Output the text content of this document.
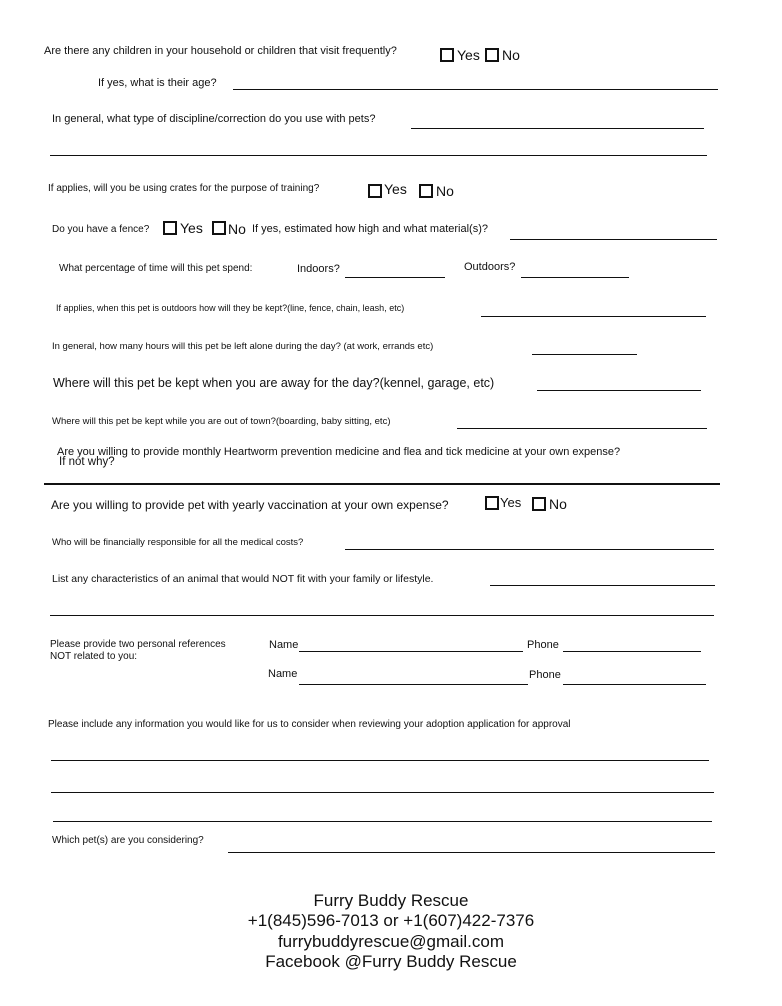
Are there any children in your household or children that visit frequently?	Yes No
If yes, what is their age?
In general, what type of discipline/correction do you use with pets?
If applies, will you be using crates for the purpose of training?	Yes No
Do you have a fence? Yes No If yes, estimated how high and what material(s)?
What percentage of time will this pet spend:	Indoors?	Outdoors?
If applies, when this pet is outdoors how will they be kept?(line, fence, chain, leash, etc)
In general, how many hours will this pet be left alone during the day? (at work, errands etc)
Where will this pet be kept when you are away for the day?(kennel, garage, etc)
Where will this pet be kept while you are out of town?(boarding, baby sitting, etc)
Are you willing to provide monthly Heartworm prevention medicine and flea and tick medicine at your own expense?
If not why?
Are you willing to provide pet with yearly vaccination at your own expense?	Yes No
Who will be financially responsible for all the medical costs?
List any characteristics of an animal that would NOT fit with your family or lifestyle.
Please provide two personal references
NOT related to you:
Name	Phone
Name	Phone
Please include any information you would like for us to consider when reviewing your adoption application for approval
Which pet(s) are you considering?
Furry Buddy Rescue
+1(845)596-7013 or +1(607)422-7376
furrybuddyrescue@gmail.com
Facebook @Furry Buddy Rescue
